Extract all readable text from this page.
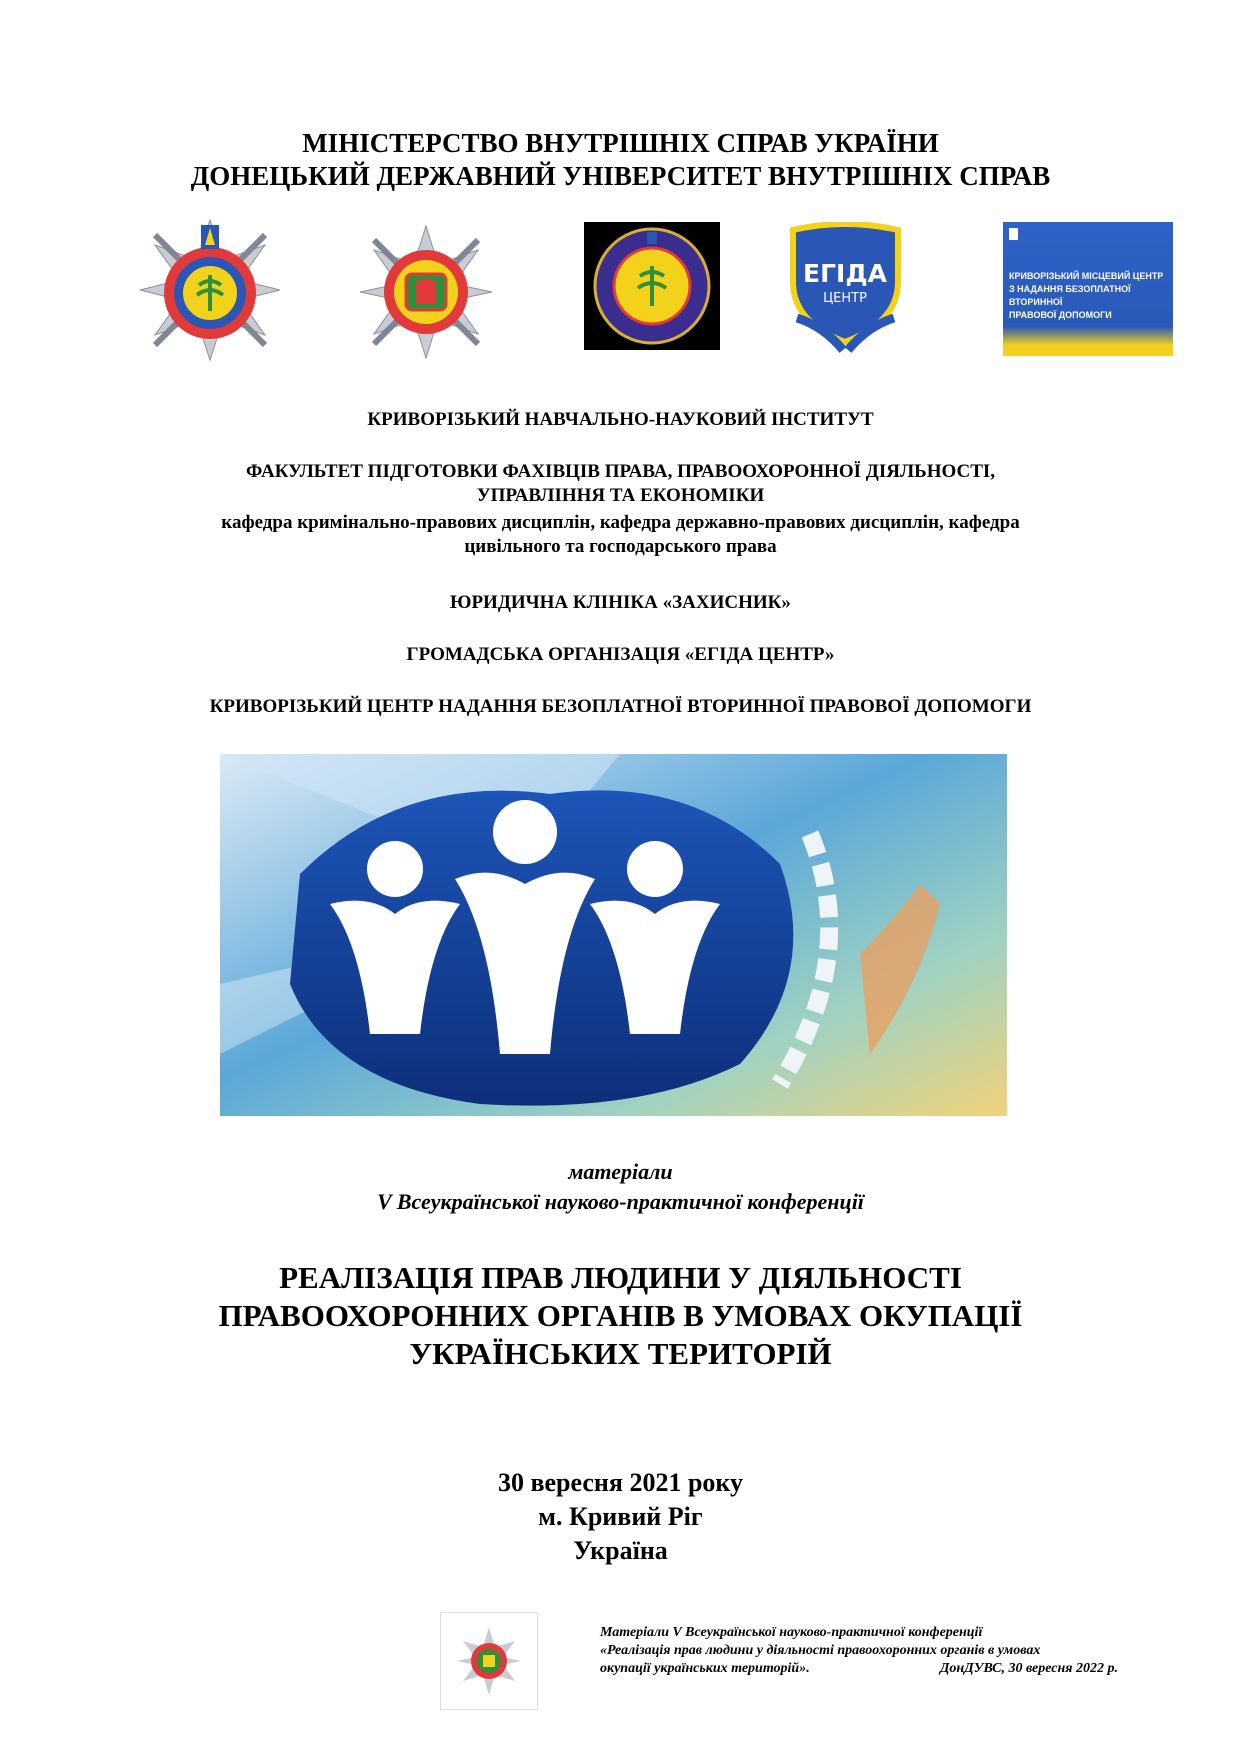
МІНІСТЕРСТВО ВНУТРІШНІХ СПРАВ УКРАЇНИ
ДОНЕЦЬКИЙ ДЕРЖАВНИЙ УНІВЕРСИТЕТ ВНУТРІШНІХ СПРАВ
ЕГІДА
ЦЕНТР
КРИВОРІЗЬКИЙ МІСЦЕВИЙ ЦЕНТР
З НАДАННЯ БЕЗОПЛАТНОЇ ВТОРИННОЇ
ПРАВОВОЇ ДОПОМОГИ
КРИВОРІЗЬКИЙ НАВЧАЛЬНО-НАУКОВИЙ ІНСТИТУТ
ФАКУЛЬТЕТ ПІДГОТОВКИ ФАХІВЦІВ ПРАВА, ПРАВООХОРОННОЇ ДІЯЛЬНОСТІ,
УПРАВЛІННЯ ТА ЕКОНОМІКИ
кафедра кримінально-правових дисциплін, кафедра державно-правових дисциплін, кафедра
цивільного та господарського права
ЮРИДИЧНА КЛІНІКА «ЗАХИСНИК»
ГРОМАДСЬКА ОРГАНІЗАЦІЯ «ЕГІДА ЦЕНТР»
КРИВОРІЗЬКИЙ ЦЕНТР НАДАННЯ БЕЗОПЛАТНОЇ ВТОРИННОЇ ПРАВОВОЇ ДОПОМОГИ
матеріали
V Всеукраїнської науково-практичної конференції
РЕАЛІЗАЦІЯ ПРАВ ЛЮДИНИ У ДІЯЛЬНОСТІ
ПРАВООХОРОННИХ ОРГАНІВ В УМОВАХ ОКУПАЦІЇ
УКРАЇНСЬКИХ ТЕРИТОРІЙ
30 вересня 2021 року
м. Кривий Ріг
Україна
Матеріали V Всеукраїнської науково-практичної конференції
«Реалізація прав людини у діяльності правоохоронних органів в умовах
окупації українських територій».	ДонДУВС, 30 вересня 2022 р.
